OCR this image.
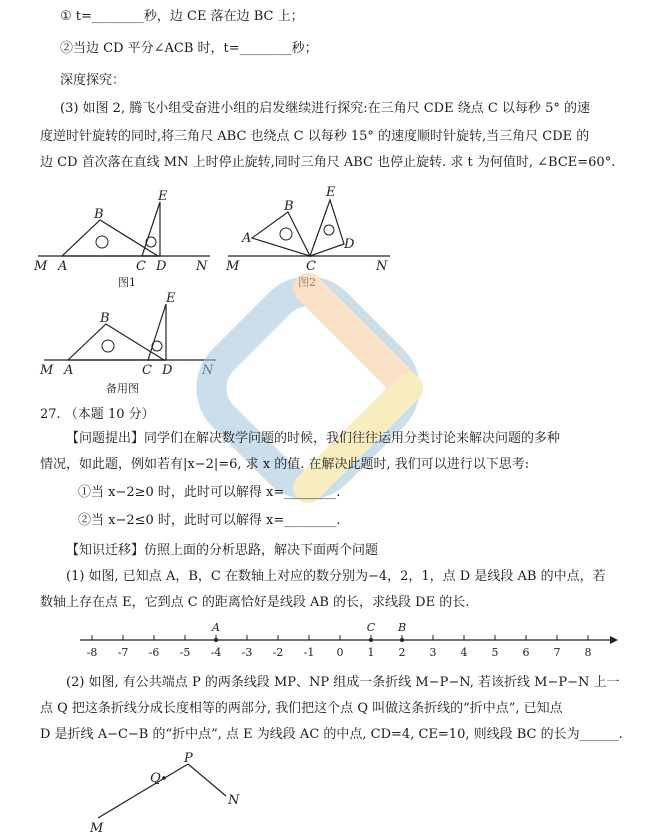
① t=________秒，边 CE 落在边 BC 上；
②当边 CD 平分∠ACB 时，t=________秒；
深度探究：
(3) 如图 2, 腾飞小组受奋进小组的启发继续进行探究:在三角尺 CDE 绕点 C 以每秒 5° 的速
度逆时针旋转的同时,将三角尺 ABC 也绕点 C 以每秒 15° 的速度顺时针旋转,当三角尺 CDE 的
边 CD 首次落在直线 MN 上时停止旋转,同时三角尺 ABC 也停止旋转. 求 t 为何值时, ∠BCE=60°.
M A
B
C D
E
N
图1
M
A
B
C
D
E
N
图2
M A
B
C D
E
N
备用图
27. （本题 10 分）
【问题提出】同学们在解决数学问题的时候，我们往往运用分类讨论来解决问题的多种
情况，如此题，例如若有|x−2|=6, 求 x 的值. 在解决此题时, 我们可以进行以下思考:
①当 x−2≥0 时，此时可以解得 x=________.
②当 x−2≤0 时，此时可以解得 x=________.
【知识迁移】仿照上面的分析思路，解决下面两个问题
(1) 如图, 已知点 A，B，C 在数轴上对应的数分别为−4，2，1，点 D 是线段 AB 的中点，若
数轴上存在点 E，它到点 C 的距离恰好是线段 AB 的长，求线段 DE 的长.
-8 -7 -6 -5 -4 -3 -2 -1 0 1 2 3 4 5 6 7 8
A	C B
(2) 如图, 有公共端点 P 的两条线段 MP、NP 组成一条折线 M−P−N, 若该折线 M−P−N 上一
点 Q 把这条折线分成长度相等的两部分, 我们把这个点 Q 叫做这条折线的“折中点”, 已知点
D 是折线 A−C−B 的“折中点”, 点 E 为线段 AC 的中点, CD=4, CE=10, 则线段 BC 的长为______.
M
Q
P
N
